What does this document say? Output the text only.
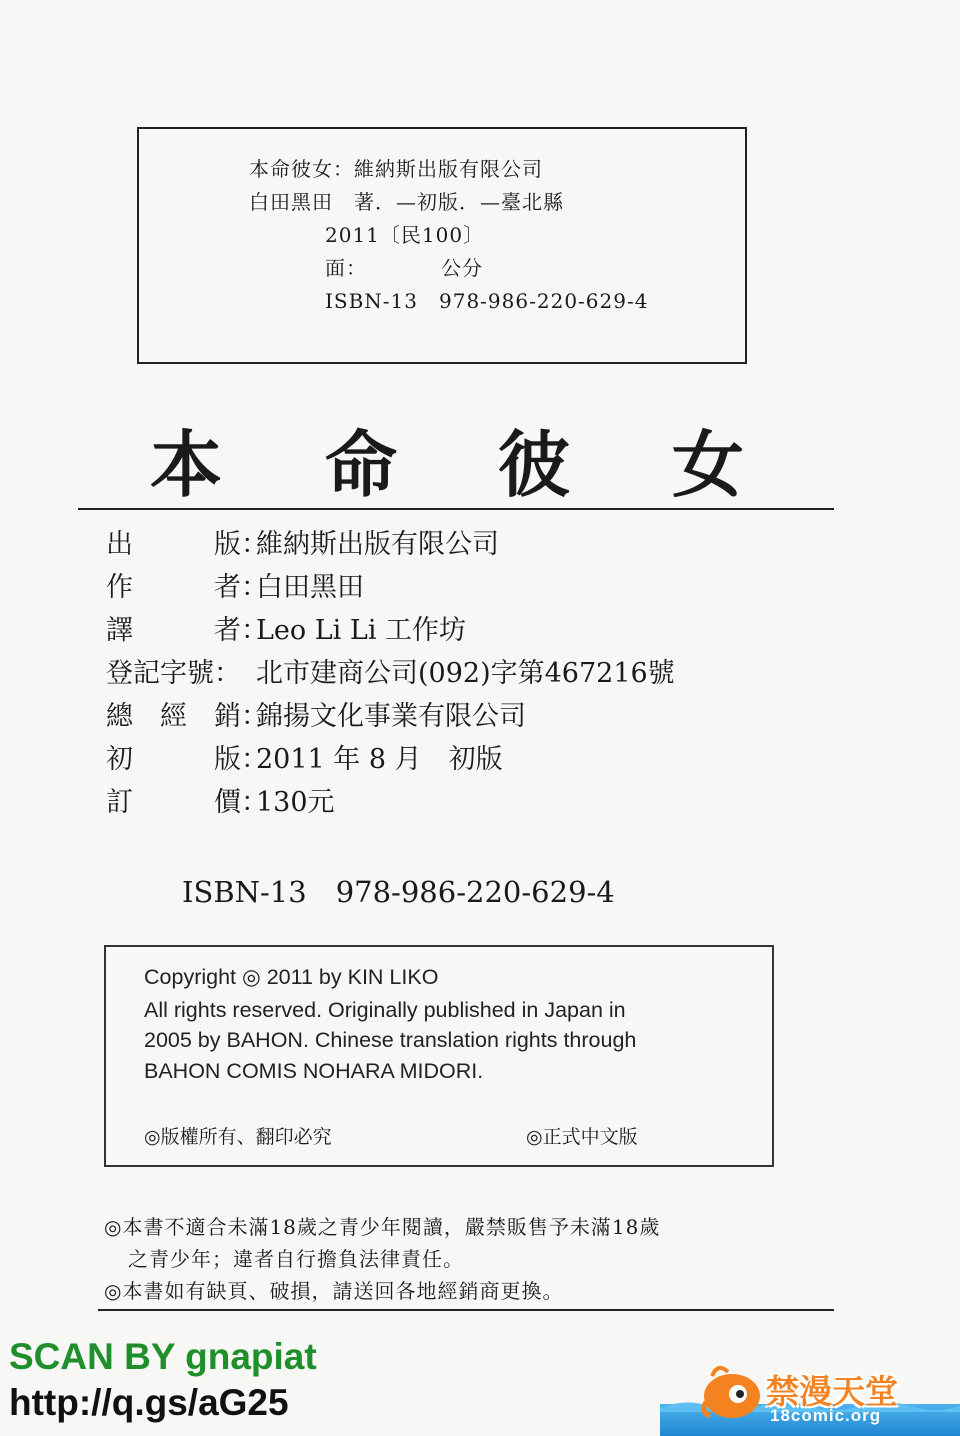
本命彼女：維納斯出版有限公司
白田黑田　著．—初版．—臺北縣
2011〔民100〕
面：　　　　公分
ISBN-13　978-986-220-629-4
本 命 彼 女
出　　　版：
維納斯出版有限公司
作　　　者：
白田黑田
譯　　　者：
Leo Li Li 工作坊
登記字號： 北市建商公司(092)字第467216號
總　經　銷：
錦揚文化事業有限公司
初　　　版：
2011 年 8 月　初版
訂　　　價：
130元
ISBN-13　978-986-220-629-4
Copyright ◎ 2011 by KIN LIKO
All rights reserved. Originally published in Japan in
2005 by BAHON. Chinese translation rights through
BAHON COMIS NOHARA MIDORI.
◎版權所有、翻印必究	◎正式中文版
◎本書不適合未滿18歲之青少年閱讀，嚴禁販售予未滿18歲
之青少年；違者自行擔負法律責任。
◎本書如有缺頁、破損，請送回各地經銷商更換。
SCAN BY gnapiat
http://q.gs/aG25	禁漫天堂
18comic.org
